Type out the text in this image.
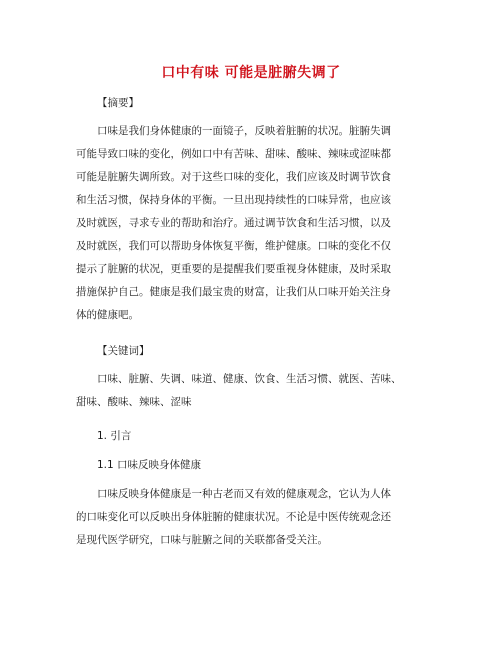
口中有味 可能是脏腑失调了
【摘要】
口味是我们身体健康的一面镜子，反映着脏腑的状况。脏腑失调
可能导致口味的变化，例如口中有苦味、甜味、酸味、辣味或涩味都
可能是脏腑失调所致。对于这些口味的变化，我们应该及时调节饮食
和生活习惯，保持身体的平衡。一旦出现持续性的口味异常，也应该
及时就医，寻求专业的帮助和治疗。通过调节饮食和生活习惯，以及
及时就医，我们可以帮助身体恢复平衡，维护健康。口味的变化不仅
提示了脏腑的状况，更重要的是提醒我们要重视身体健康，及时采取
措施保护自己。健康是我们最宝贵的财富，让我们从口味开始关注身
体的健康吧。
【关键词】
口味、脏腑、失调、味道、健康、饮食、生活习惯、就医、苦味、
甜味、酸味、辣味、涩味
1. 引言
1.1 口味反映身体健康
口味反映身体健康是一种古老而又有效的健康观念，它认为人体
的口味变化可以反映出身体脏腑的健康状况。不论是中医传统观念还
是现代医学研究，口味与脏腑之间的关联都备受关注。
